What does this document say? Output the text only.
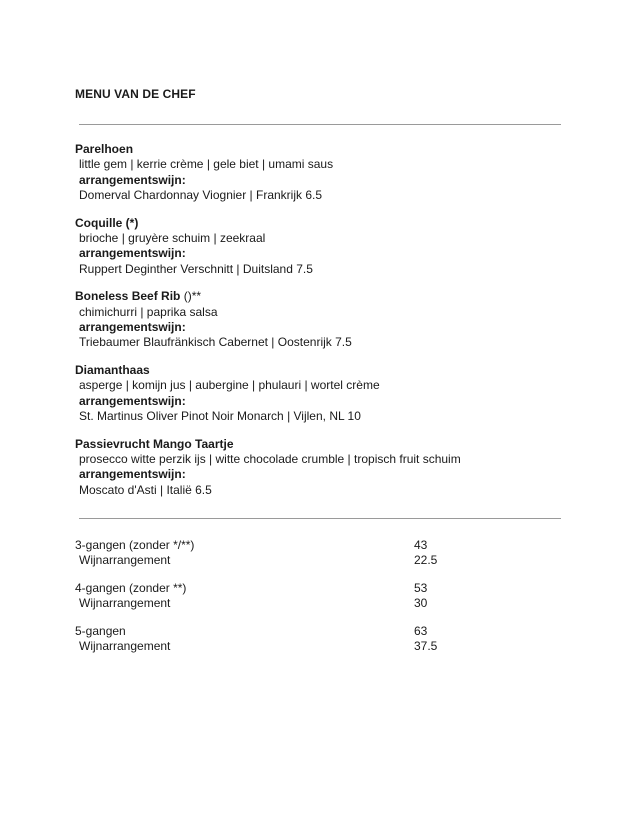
MENU VAN DE CHEF
Parelhoen
little gem | kerrie crème | gele biet | umami saus
arrangementswijn:
Domerval Chardonnay Viognier | Frankrijk 6.5
Coquille (*)
brioche | gruyère schuim | zeekraal
arrangementswijn:
Ruppert Deginther Verschnitt | Duitsland 7.5
Boneless Beef Rib ()**
chimichurri | paprika salsa
arrangementswijn:
Triebaumer Blaufränkisch Cabernet | Oostenrijk 7.5
Diamanthaas
asperge | komijn jus | aubergine | phulauri | wortel crème
arrangementswijn:
St. Martinus Oliver Pinot Noir Monarch | Vijlen, NL 10
Passievrucht Mango Taartje
prosecco witte perzik ijs | witte chocolade crumble | tropisch fruit schuim
arrangementswijn:
Moscato d'Asti | Italië 6.5
3-gangen (zonder */**)	43
Wijnarrangement	22.5
4-gangen (zonder **)	53
Wijnarrangement	30
5-gangen	63
Wijnarrangement	37.5
